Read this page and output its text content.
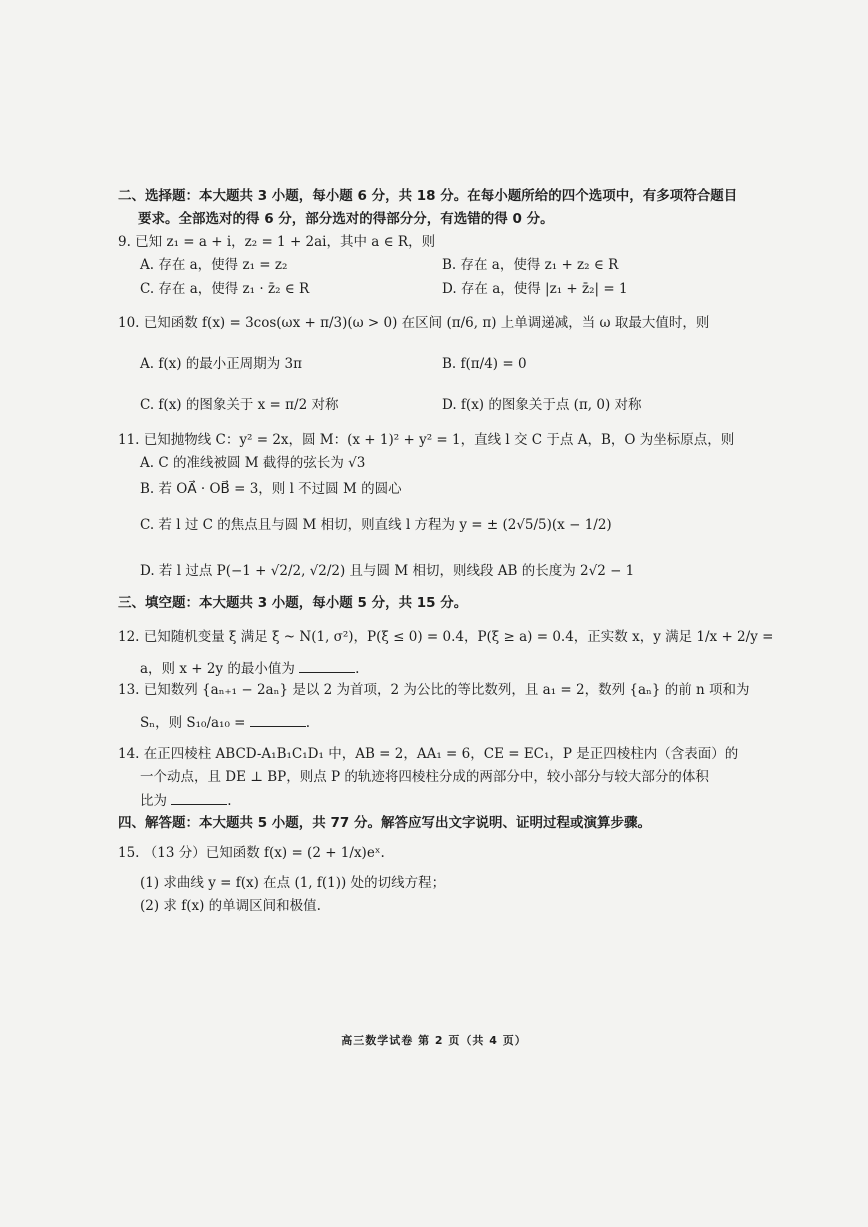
二、选择题：本大题共 3 小题，每小题 6 分，共 18 分。在每小题所给的四个选项中，有多项符合题目
要求。全部选对的得 6 分，部分选对的得部分分，有选错的得 0 分。
9. 已知 z₁ = a + i，z₂ = 1 + 2ai，其中 a ∈ R，则
A. 存在 a，使得 z₁ = z₂	B. 存在 a，使得 z₁ + z₂ ∈ R
C. 存在 a，使得 z₁ · z̄₂ ∈ R	D. 存在 a，使得 |z₁ + z̄₂| = 1
10. 已知函数 f(x) = 3cos(ωx + π/3)(ω > 0) 在区间 (π/6, π) 上单调递减，当 ω 取最大值时，则
A. f(x) 的最小正周期为 3π	B. f(π/4) = 0
C. f(x) 的图象关于 x = π/2 对称	D. f(x) 的图象关于点 (π, 0) 对称
11. 已知抛物线 C：y² = 2x，圆 M：(x + 1)² + y² = 1，直线 l 交 C 于点 A，B，O 为坐标原点，则
A. C 的准线被圆 M 截得的弦长为 √3
B. 若 OA⃗ · OB⃗ = 3，则 l 不过圆 M 的圆心
C. 若 l 过 C 的焦点且与圆 M 相切，则直线 l 方程为 y = ± (2√5/5)(x − 1/2)
D. 若 l 过点 P(−1 + √2/2, √2/2) 且与圆 M 相切，则线段 AB 的长度为 2√2 − 1
三、填空题：本大题共 3 小题，每小题 5 分，共 15 分。
12. 已知随机变量 ξ 满足 ξ ~ N(1, σ²)，P(ξ ≤ 0) = 0.4，P(ξ ≥ a) = 0.4，正实数 x，y 满足 1/x + 2/y =
a，则 x + 2y 的最小值为	.
13. 已知数列 {aₙ₊₁ − 2aₙ} 是以 2 为首项，2 为公比的等比数列，且 a₁ = 2，数列 {aₙ} 的前 n 项和为
Sₙ，则 S₁₀/a₁₀ =	.
14. 在正四棱柱 ABCD-A₁B₁C₁D₁ 中，AB = 2，AA₁ = 6，CE = EC₁，P 是正四棱柱内（含表面）的
一个动点，且 DE ⊥ BP，则点 P 的轨迹将四棱柱分成的两部分中，较小部分与较大部分的体积
比为	.
四、解答题：本大题共 5 小题，共 77 分。解答应写出文字说明、证明过程或演算步骤。
15. （13 分）已知函数 f(x) = (2 + 1/x)eˣ.
(1) 求曲线 y = f(x) 在点 (1, f(1)) 处的切线方程；
(2) 求 f(x) 的单调区间和极值.
高三数学试卷 第 2 页（共 4 页）
